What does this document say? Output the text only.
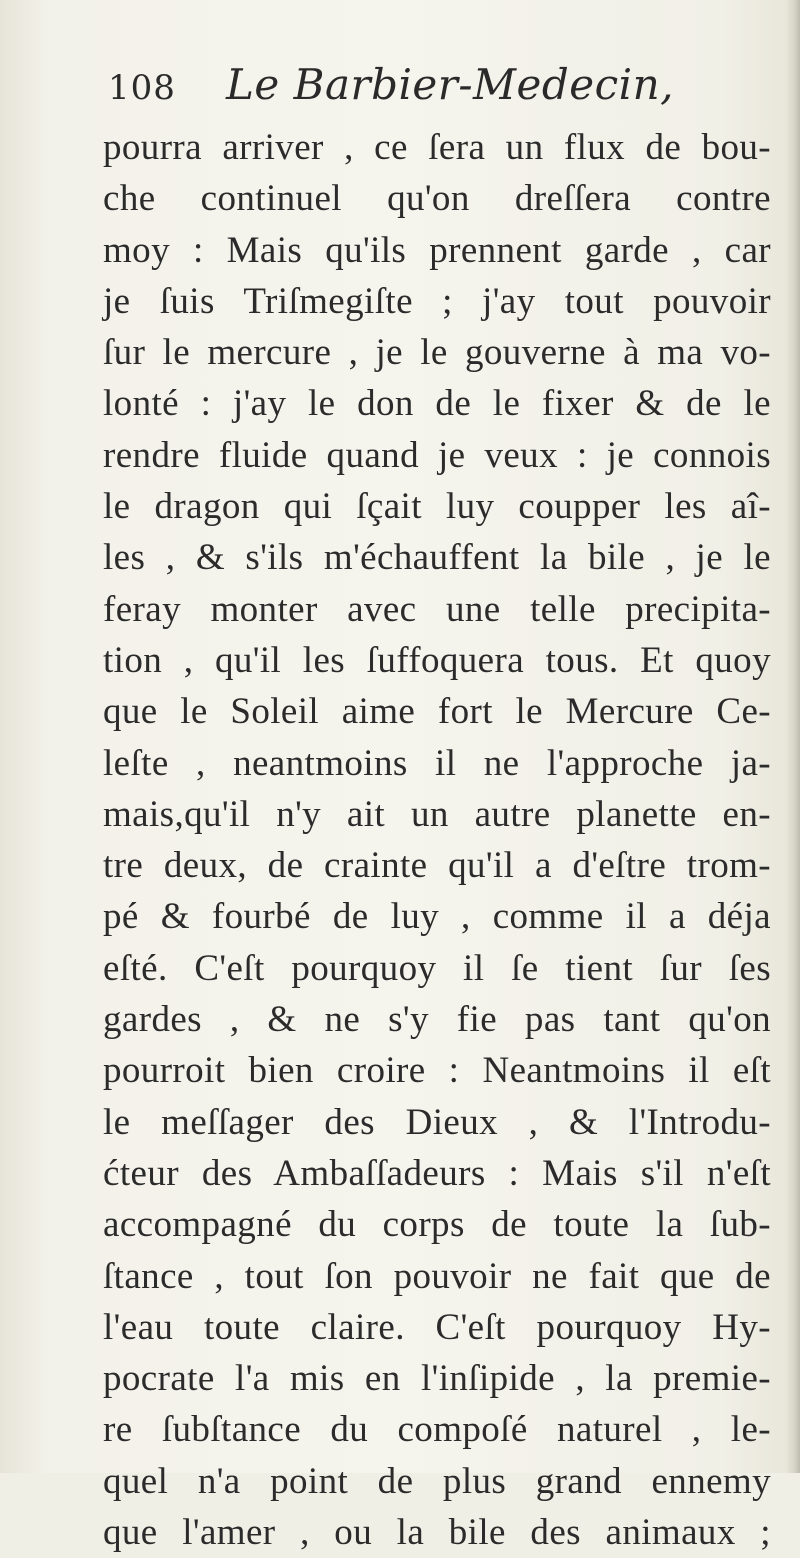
108 Le Barbier-Medecin,
pourra arriver , ce ſera un flux de bou-
che continuel qu'on dreſſera contre
moy : Mais qu'ils prennent garde , car
je ſuis Triſmegiſte ; j'ay tout pouvoir
ſur le mercure , je le gouverne à ma vo-
lonté : j'ay le don de le fixer & de le
rendre fluide quand je veux : je connois
le dragon qui ſçait luy coupper les aî-
les , & s'ils m'échauffent la bile , je le
feray monter avec une telle precipita-
tion , qu'il les ſuffoquera tous. Et quoy
que le Soleil aime fort le Mercure Ce-
leſte , neantmoins il ne l'approche ja-
mais,qu'il n'y ait un autre planette en-
tre deux, de crainte qu'il a d'eſtre trom-
pé & fourbé de luy , comme il a déja
eſté. C'eſt pourquoy il ſe tient ſur ſes
gardes , & ne s'y fie pas tant qu'on
pourroit bien croire : Neantmoins il eſt
le meſſager des Dieux , & l'Introdu-
ćteur des Ambaſſadeurs : Mais s'il n'eſt
accompagné du corps de toute la ſub-
ſtance , tout ſon pouvoir ne fait que de
l'eau toute claire. C'eſt pourquoy Hy-
pocrate l'a mis en l'inſipide , la premie-
re ſubſtance du compoſé naturel , le-
quel n'a point de plus grand ennemy
que l'amer , ou la bile des animaux ;
